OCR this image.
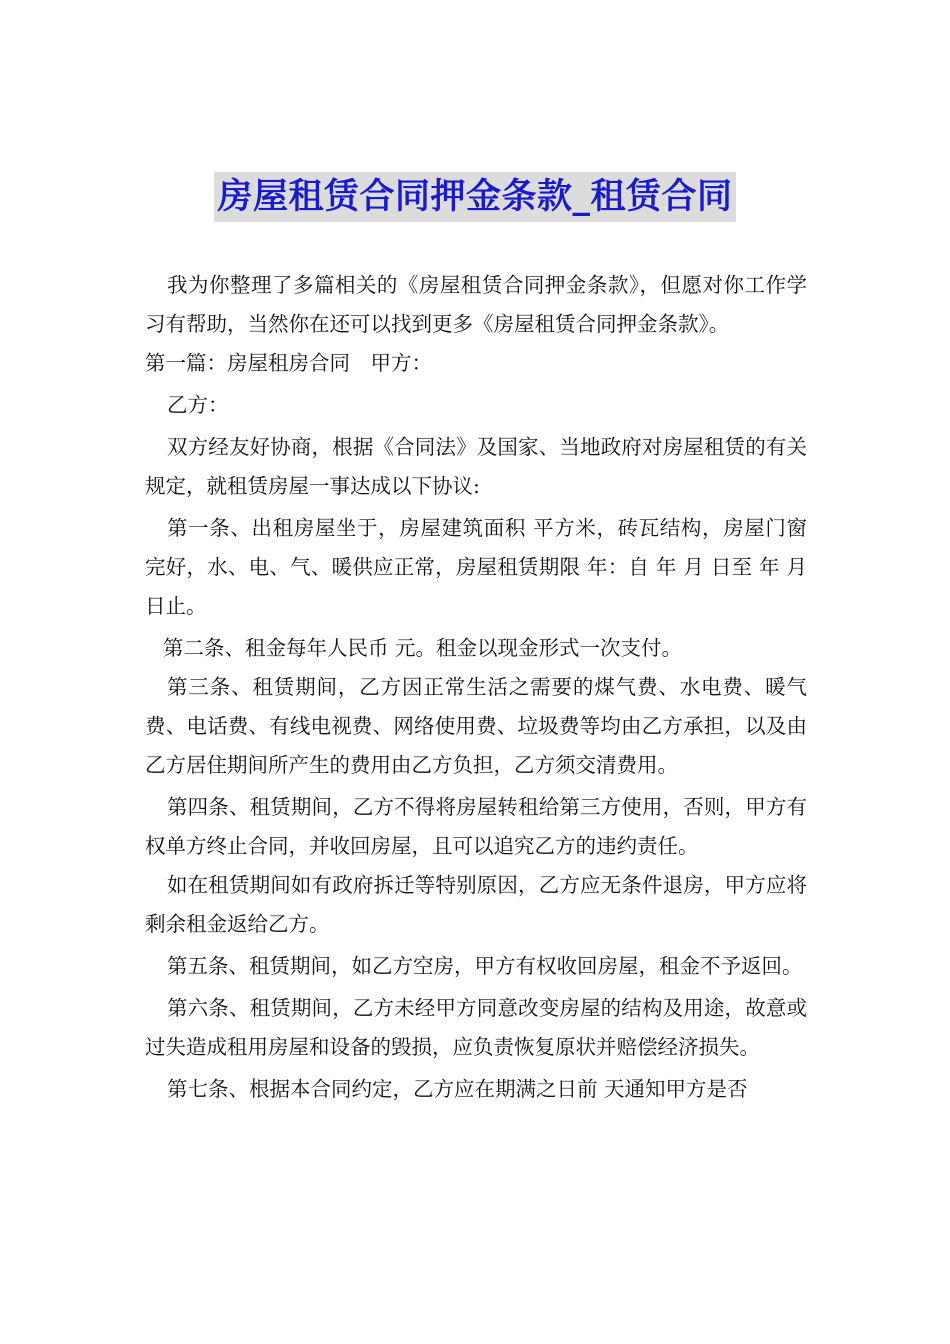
房屋租赁合同押金条款_租赁合同

我为你整理了多篇相关的《房屋租赁合同押金条款》，但愿对你工作学习有帮助，当然你在还可以找到更多《房屋租赁合同押金条款》。

第一篇：房屋租房合同　甲方：

乙方：

双方经友好协商，根据《合同法》及国家、当地政府对房屋租赁的有关规定，就租赁房屋一事达成以下协议:

第一条、出租房屋坐于，房屋建筑面积 平方米，砖瓦结构，房屋门窗完好，水、电、气、暖供应正常，房屋租赁期限 年：自 年 月 日至 年 月 日止。

第二条、租金每年人民币 元。租金以现金形式一次支付。

第三条、租赁期间，乙方因正常生活之需要的煤气费、水电费、暖气费、电话费、有线电视费、网络使用费、垃圾费等均由乙方承担，以及由乙方居住期间所产生的费用由乙方负担，乙方须交清费用。

第四条、租赁期间，乙方不得将房屋转租给第三方使用，否则，甲方有权单方终止合同，并收回房屋，且可以追究乙方的违约责任。

如在租赁期间如有政府拆迁等特别原因，乙方应无条件退房，甲方应将剩余租金返给乙方。

第五条、租赁期间，如乙方空房，甲方有权收回房屋，租金不予返回。

第六条、租赁期间，乙方未经甲方同意改变房屋的结构及用途，故意或过失造成租用房屋和设备的毁损，应负责恢复原状并赔偿经济损失。

第七条、根据本合同约定，乙方应在期满之日前 天通知甲方是否
